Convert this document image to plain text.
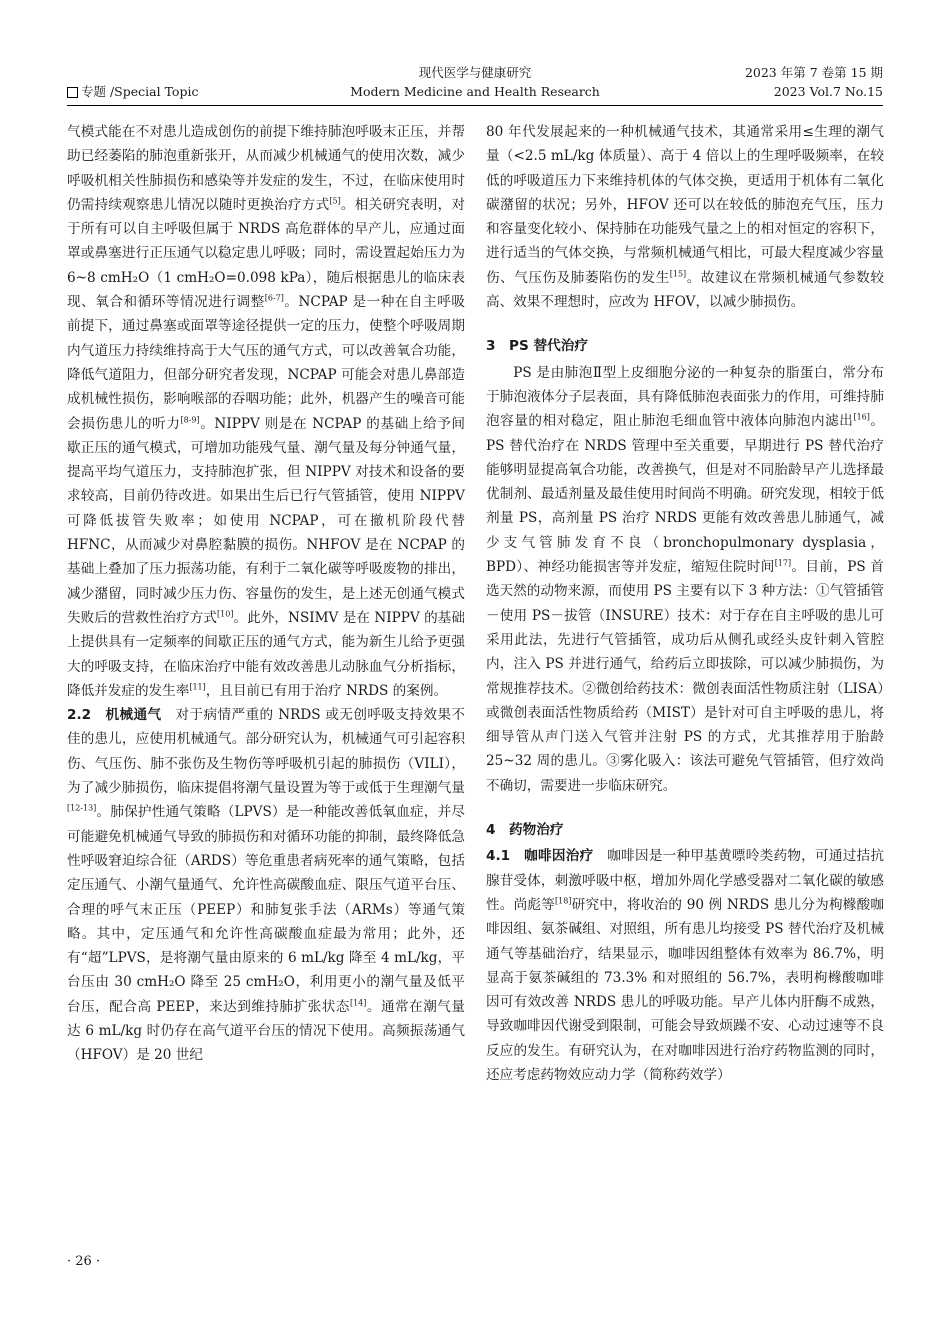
现代医学与健康研究	2023 年第 7 卷第 15 期
专题 /Special Topic	Modern Medicine and Health Research	2023 Vol.7 No.15

气模式能在不对患儿造成创伤的前提下维持肺泡呼吸末正压，并帮助已经萎陷的肺泡重新张开，从而减少机械通气的使用次数，减少呼吸机相关性肺损伤和感染等并发症的发生，不过，在临床使用时仍需持续观察患儿情况以随时更换治疗方式[5]。相关研究表明，对于所有可以自主呼吸但属于 NRDS 高危群体的早产儿，应通过面罩或鼻塞进行正压通气以稳定患儿呼吸；同时，需设置起始压力为 6~8 cmH₂O（1 cmH₂O=0.098 kPa），随后根据患儿的临床表现、氧合和循环等情况进行调整[6-7]。NCPAP 是一种在自主呼吸前提下，通过鼻塞或面罩等途径提供一定的压力，使整个呼吸周期内气道压力持续维持高于大气压的通气方式，可以改善氧合功能，降低气道阻力，但部分研究者发现，NCPAP 可能会对患儿鼻部造成机械性损伤，影响喉部的吞咽功能；此外，机器产生的噪音可能会损伤患儿的听力[8-9]。NIPPV 则是在 NCPAP 的基础上给予间歇正压的通气模式，可增加功能残气量、潮气量及每分钟通气量，提高平均气道压力，支持肺泡扩张，但 NIPPV 对技术和设备的要求较高，目前仍待改进。如果出生后已行气管插管，使用 NIPPV 可降低拔管失败率；如使用 NCPAP，可在撤机阶段代替 HFNC，从而减少对鼻腔黏膜的损伤。NHFOV 是在 NCPAP 的基础上叠加了压力振荡功能，有利于二氧化碳等呼吸废物的排出，减少潴留，同时减少压力伤、容量伤的发生，是上述无创通气模式失败后的营救性治疗方式[10]。此外，NSIMV 是在 NIPPV 的基础上提供具有一定频率的间歇正压的通气方式，能为新生儿给予更强大的呼吸支持，在临床治疗中能有效改善患儿动脉血气分析指标，降低并发症的发生率[11]，且目前已有用于治疗 NRDS 的案例。

2.2　机械通气　对于病情严重的 NRDS 或无创呼吸支持效果不佳的患儿，应使用机械通气。部分研究认为，机械通气可引起容积伤、气压伤、肺不张伤及生物伤等呼吸机引起的肺损伤（VILI），为了减少肺损伤，临床提倡将潮气量设置为等于或低于生理潮气量[12-13]。肺保护性通气策略（LPVS）是一种能改善低氧血症，并尽可能避免机械通气导致的肺损伤和对循环功能的抑制，最终降低急性呼吸窘迫综合征（ARDS）等危重患者病死率的通气策略，包括定压通气、小潮气量通气、允许性高碳酸血症、限压气道平台压、合理的呼气末正压（PEEP）和肺复张手法（ARMs）等通气策略。其中，定压通气和允许性高碳酸血症最为常用；此外，还有“超”LPVS，是将潮气量由原来的 6 mL/kg 降至 4 mL/kg，平台压由 30 cmH₂O 降至 25 cmH₂O，利用更小的潮气量及低平台压，配合高 PEEP，来达到维持肺扩张状态[14]。通常在潮气量达 6 mL/kg 时仍存在高气道平台压的情况下使用。高频振荡通气（HFOV）是 20 世纪

80 年代发展起来的一种机械通气技术，其通常采用≤生理的潮气量（<2.5 mL/kg 体质量）、高于 4 倍以上的生理呼吸频率，在较低的呼吸道压力下来维持机体的气体交换，更适用于机体有二氧化碳潴留的状况；另外，HFOV 还可以在较低的肺泡充气压，压力和容量变化较小、保持肺在功能残气量之上的相对恒定的容积下，进行适当的气体交换，与常频机械通气相比，可最大程度减少容量伤、气压伤及肺萎陷伤的发生[15]。故建议在常频机械通气参数较高、效果不理想时，应改为 HFOV，以减少肺损伤。

3　PS 替代治疗

PS 是由肺泡Ⅱ型上皮细胞分泌的一种复杂的脂蛋白，常分布于肺泡液体分子层表面，具有降低肺泡表面张力的作用，可维持肺泡容量的相对稳定，阻止肺泡毛细血管中液体向肺泡内滤出[16]。PS 替代治疗在 NRDS 管理中至关重要，早期进行 PS 替代治疗能够明显提高氧合功能，改善换气，但是对不同胎龄早产儿选择最优制剂、最适剂量及最佳使用时间尚不明确。研究发现，相较于低剂量 PS，高剂量 PS 治疗 NRDS 更能有效改善患儿肺通气，减少支气管肺发育不良（bronchopulmonary dysplasia，BPD）、神经功能损害等并发症，缩短住院时间[17]。目前，PS 首选天然的动物来源，而使用 PS 主要有以下 3 种方法：①气管插管－使用 PS－拔管（INSURE）技术：对于存在自主呼吸的患儿可采用此法，先进行气管插管，成功后从侧孔或经头皮针刺入管腔内，注入 PS 并进行通气，给药后立即拔除，可以减少肺损伤，为常规推荐技术。②微创给药技术：微创表面活性物质注射（LISA）或微创表面活性物质给药（MIST）是针对可自主呼吸的患儿，将细导管从声门送入气管并注射 PS 的方式，尤其推荐用于胎龄 25~32 周的患儿。③雾化吸入：该法可避免气管插管，但疗效尚不确切，需要进一步临床研究。

4　药物治疗

4.1　咖啡因治疗　咖啡因是一种甲基黄嘌呤类药物，可通过拮抗腺苷受体，刺激呼吸中枢，增加外周化学感受器对二氧化碳的敏感性。尚彪等[18]研究中，将收治的 90 例 NRDS 患儿分为枸橼酸咖啡因组、氨茶碱组、对照组，所有患儿均接受 PS 替代治疗及机械通气等基础治疗，结果显示，咖啡因组整体有效率为 86.7%，明显高于氨茶碱组的 73.3% 和对照组的 56.7%，表明枸橼酸咖啡因可有效改善 NRDS 患儿的呼吸功能。早产儿体内肝酶不成熟，导致咖啡因代谢受到限制，可能会导致烦躁不安、心动过速等不良反应的发生。有研究认为，在对咖啡因进行治疗药物监测的同时，还应考虑药物效应动力学（简称药效学）

· 26 ·
